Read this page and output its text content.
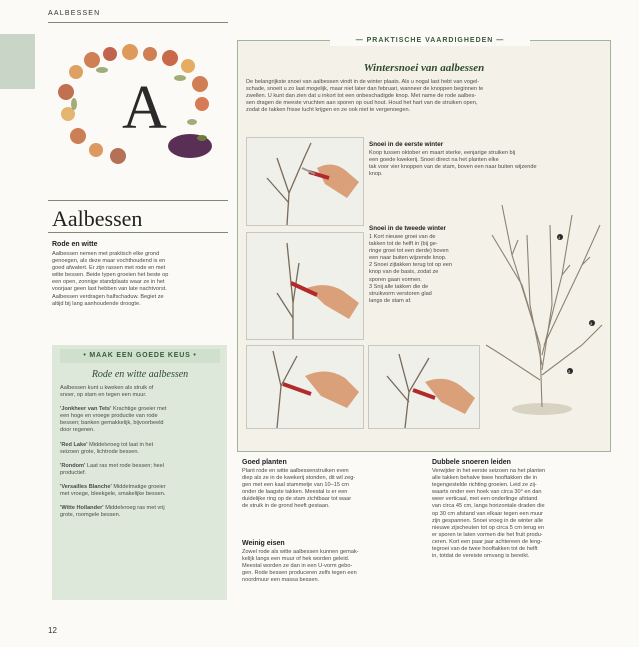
AALBESSEN
A
Aalbessen
Rode en witte
Aalbessen nemen met praktisch elke grond
genoegen, als deze maar vochthoudend is en
goed afwatert. Er zijn rassen met rode en met
witte bessen. Beide typen groeien het beste op
een open, zonnige standplaats waar ze in het
voorjaar geen last hebben van late nachtvorst.
Aalbessen verdragen halfschaduw. Begiet ze
altijd bij lang aanhoudende droogte.
• MAAK EEN GOEDE KEUS •
Rode en witte aalbessen
Aalbessen kunt u kweken als struik of
snoer, op stam en tegen een muur.
'Jonkheer van Tets' Krachtige groeier met
een hoge en vroege productie van rode
bessen; banken gemakkelijk, bijvoorbeeld
door regenen.
'Red Lake' Middelvroeg tot laat in het
seizoen grote, lichtrode bessen.
'Rondom' Laat ras met rode bessen; heel
productief.
'Versailles Blanche' Middelmatige groeier
met vroege, bleekgele, smakelijke bessen.
'Witte Hollander' Middelvroeg ras met vrij
grote, roomgele bessen.
— PRAKTISCHE VAARDIGHEDEN —
Wintersnoei van aalbessen
De belangrijkste snoei van aalbessen vindt in de winter plaats. Als u nogal last hebt van vogel-
schade, snoeit u zo laat mogelijk, maar niet later dan februari, wanneer de knoppen beginnen te
zwellen. U kunt dan zien dat u inkort tot een onbeschadigde knop. Met name de rode aalbes-
sen dragen de meeste vruchten aan sporen op oud hout. Houd het hart van de struiken open,
zodat de takken frisse lucht krijgen en ze ook niet te vergenoegen.
Snoei in de eerste winter
Koop tussen oktober en maart sterke, eenjarige struiken bij
een goede kwekerij. Snoei direct na het planten elke
tak voor vier knoppen van de stam, boven een naar buiten wijzende
knop.
Snoei in de tweede winter
1 Kort nieuwe groei van de
takken tot de helft in (bij ge-
ringe groei tot een derde) boven
een naar buiten wijzende knop.
2 Snoei zijtakken terug tot op een
knop van de basis, zodat ze
sporen gaan vormen.
3 Snij alle takken die de
struikvorm verstoren glad
langs de stam af.
1
3
3
Goed planten
Plant rode en witte aalbessenstruiken even
diep als ze in de kwekerij stonden, dit wil zeg-
gen met een kaal stammetje van 10–15 cm
onder de laagste takken. Meestal is er een
duidelijke ring op de stam zichtbaar tot waar
de struik in de grond heeft gestaan.
Weinig eisen
Zowel rode als witte aalbessen kunnen gemak-
kelijk langs een muur of hek worden geleid.
Meestal worden ze dan in een U-vorm gebo-
gen. Rode bessen produceren zelfs tegen een
noordmuur een massa bessen.
Dubbele snoeren leiden
Verwijder in het eerste seizoen na het planten
alle takken behalve twee hooftakken die in
tegengestelde richting groeien. Leid ze zij-
waarts onder een hoek van circa 30° en dan
weer verticaal, met een onderlinge afstand
van circa 45 cm, langs horizontale draden die
op 30 cm afstand van elkaar tegen een muur
zijn gespannen. Snoei vroeg in de winter alle
nieuwe zijscheuten tot op circa 5 cm terug en
er sporen te laten vormen die het fruit produ-
ceren. Kort een paar jaar achtereen de leng-
tegroei van de twee hooftakken tot de helft
in, totdat de vereiste omvang is bereikt.
12
